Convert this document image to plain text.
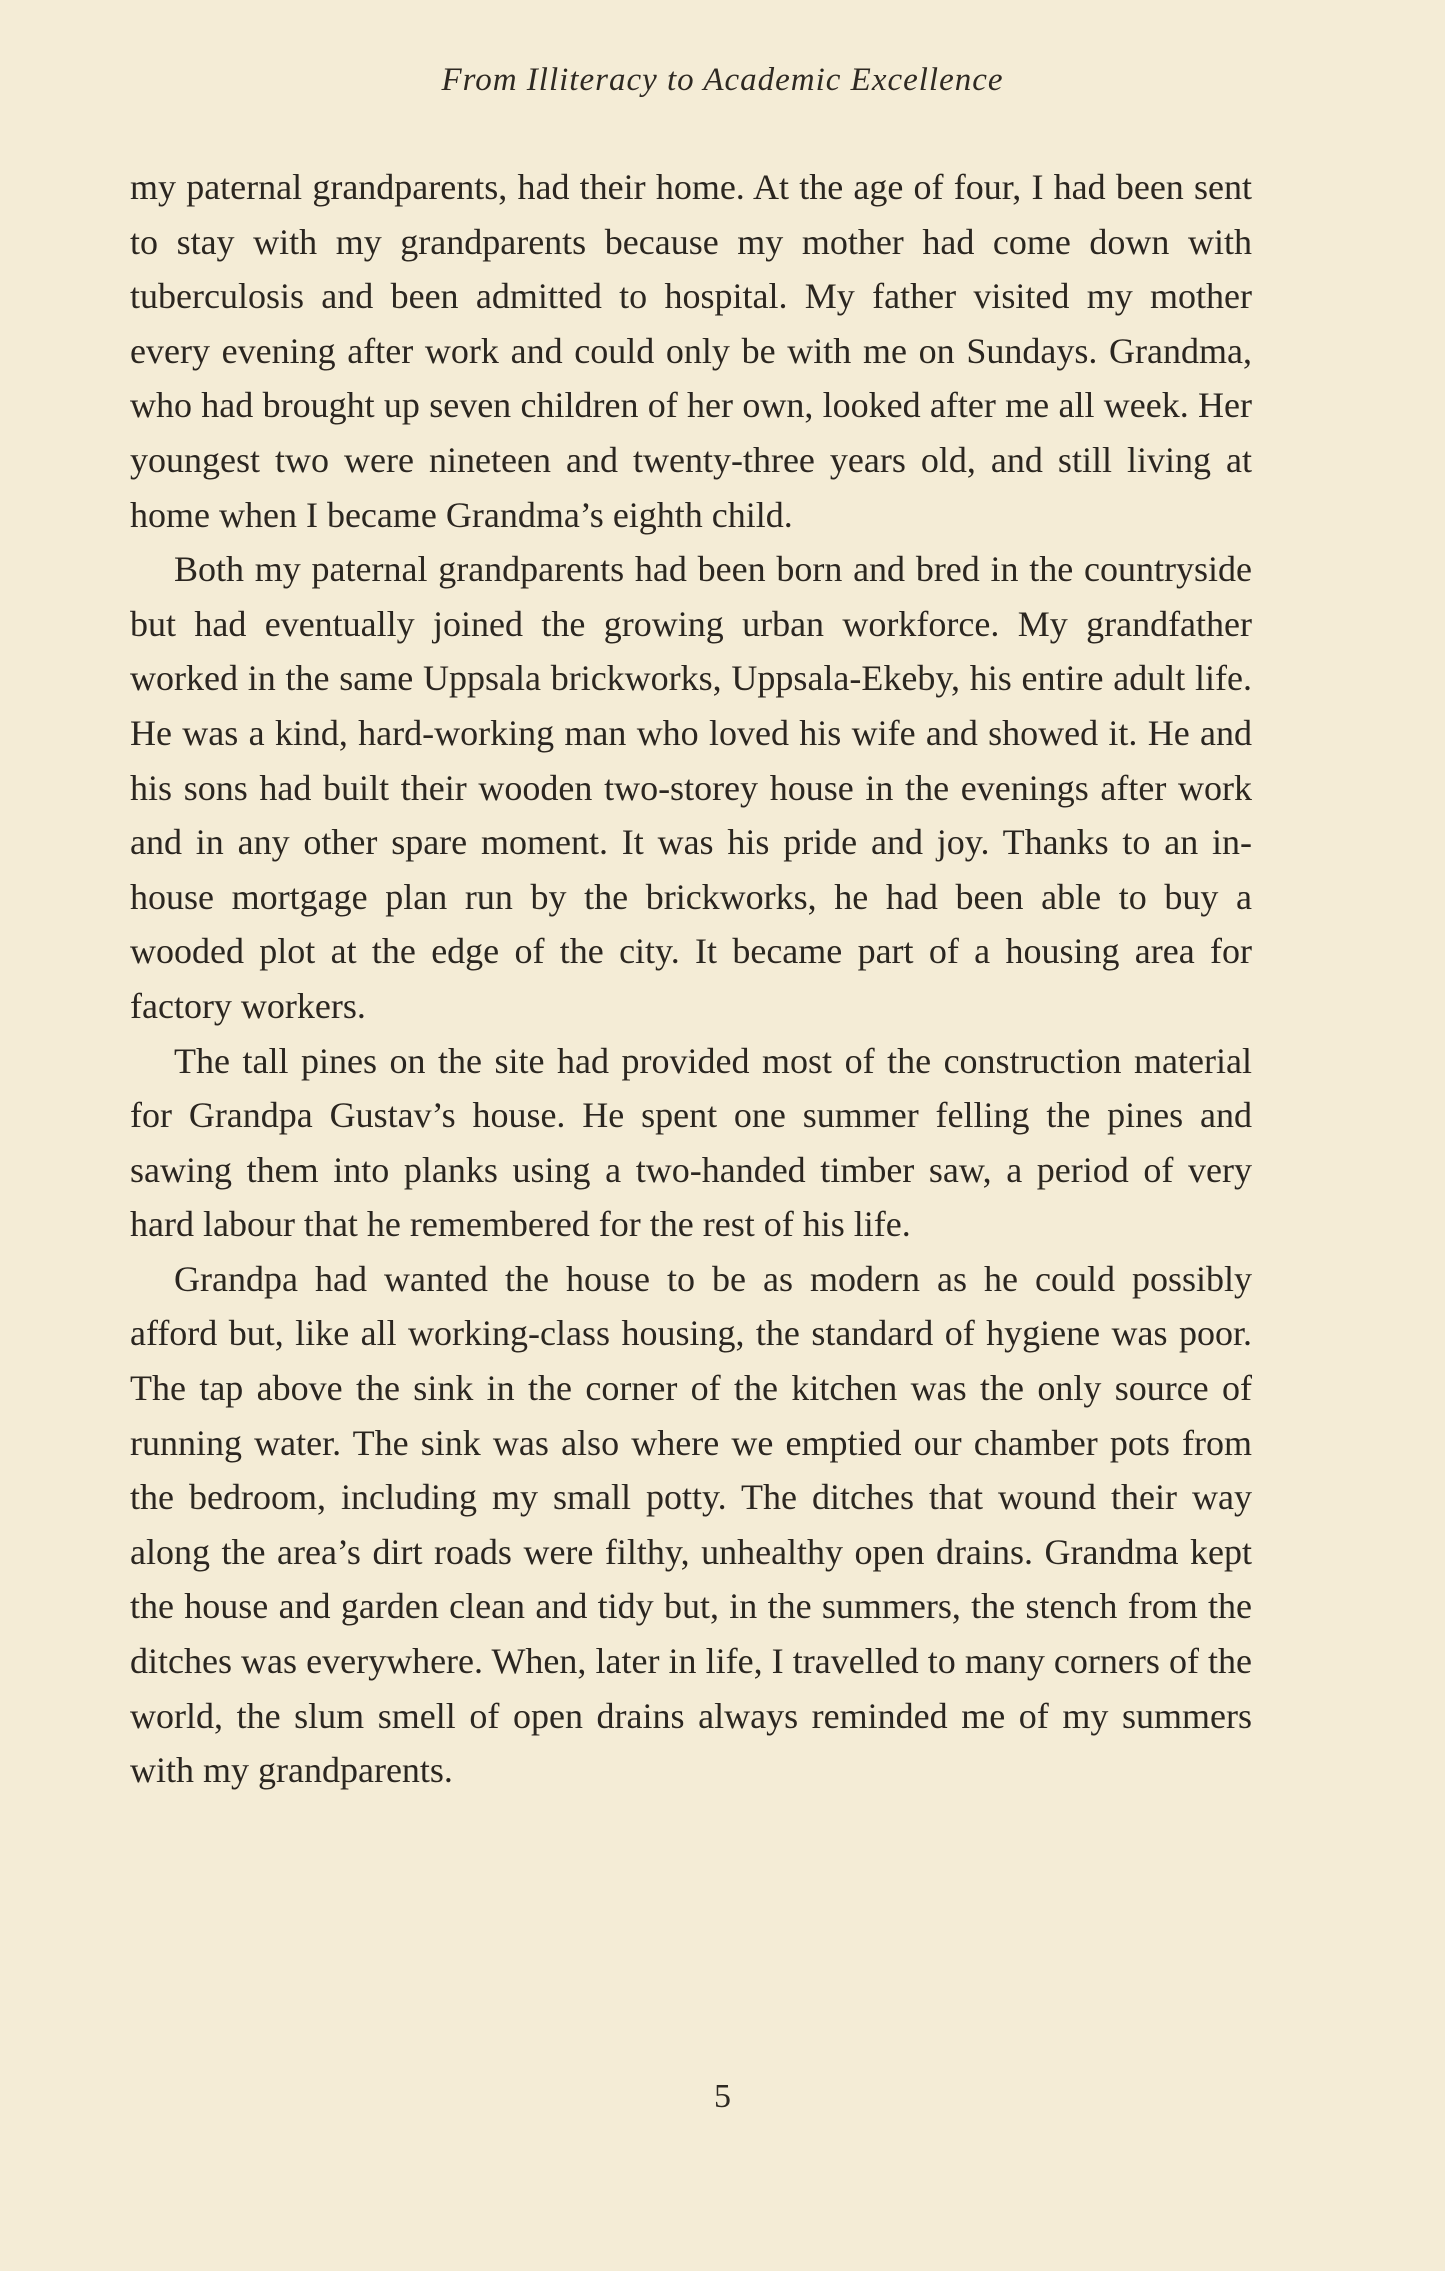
From Illiteracy to Academic Excellence

my paternal grandparents, had their home. At the age of four, I had been sent to stay with my grandparents because my mother had come down with tuberculosis and been admitted to hospital. My father visited my mother every evening after work and could only be with me on Sundays. Grandma, who had brought up seven children of her own, looked after me all week. Her youngest two were nineteen and twenty-three years old, and still living at home when I became Grandma’s eighth child.

Both my paternal grandparents had been born and bred in the countryside but had eventually joined the growing urban workforce. My grandfather worked in the same Uppsala brickworks, Uppsala-Ekeby, his entire adult life. He was a kind, hard-working man who loved his wife and showed it. He and his sons had built their wooden two-storey house in the evenings after work and in any other spare moment. It was his pride and joy. Thanks to an in-house mortgage plan run by the brickworks, he had been able to buy a wooded plot at the edge of the city. It became part of a housing area for factory workers.

The tall pines on the site had provided most of the construction material for Grandpa Gustav’s house. He spent one summer felling the pines and sawing them into planks using a two-handed timber saw, a period of very hard labour that he remembered for the rest of his life.

Grandpa had wanted the house to be as modern as he could possibly afford but, like all working-class housing, the standard of hygiene was poor. The tap above the sink in the corner of the kitchen was the only source of running water. The sink was also where we emptied our chamber pots from the bedroom, including my small potty. The ditches that wound their way along the area’s dirt roads were filthy, unhealthy open drains. Grandma kept the house and garden clean and tidy but, in the summers, the stench from the ditches was everywhere. When, later in life, I travelled to many corners of the world, the slum smell of open drains always reminded me of my summers with my grandparents.

5
